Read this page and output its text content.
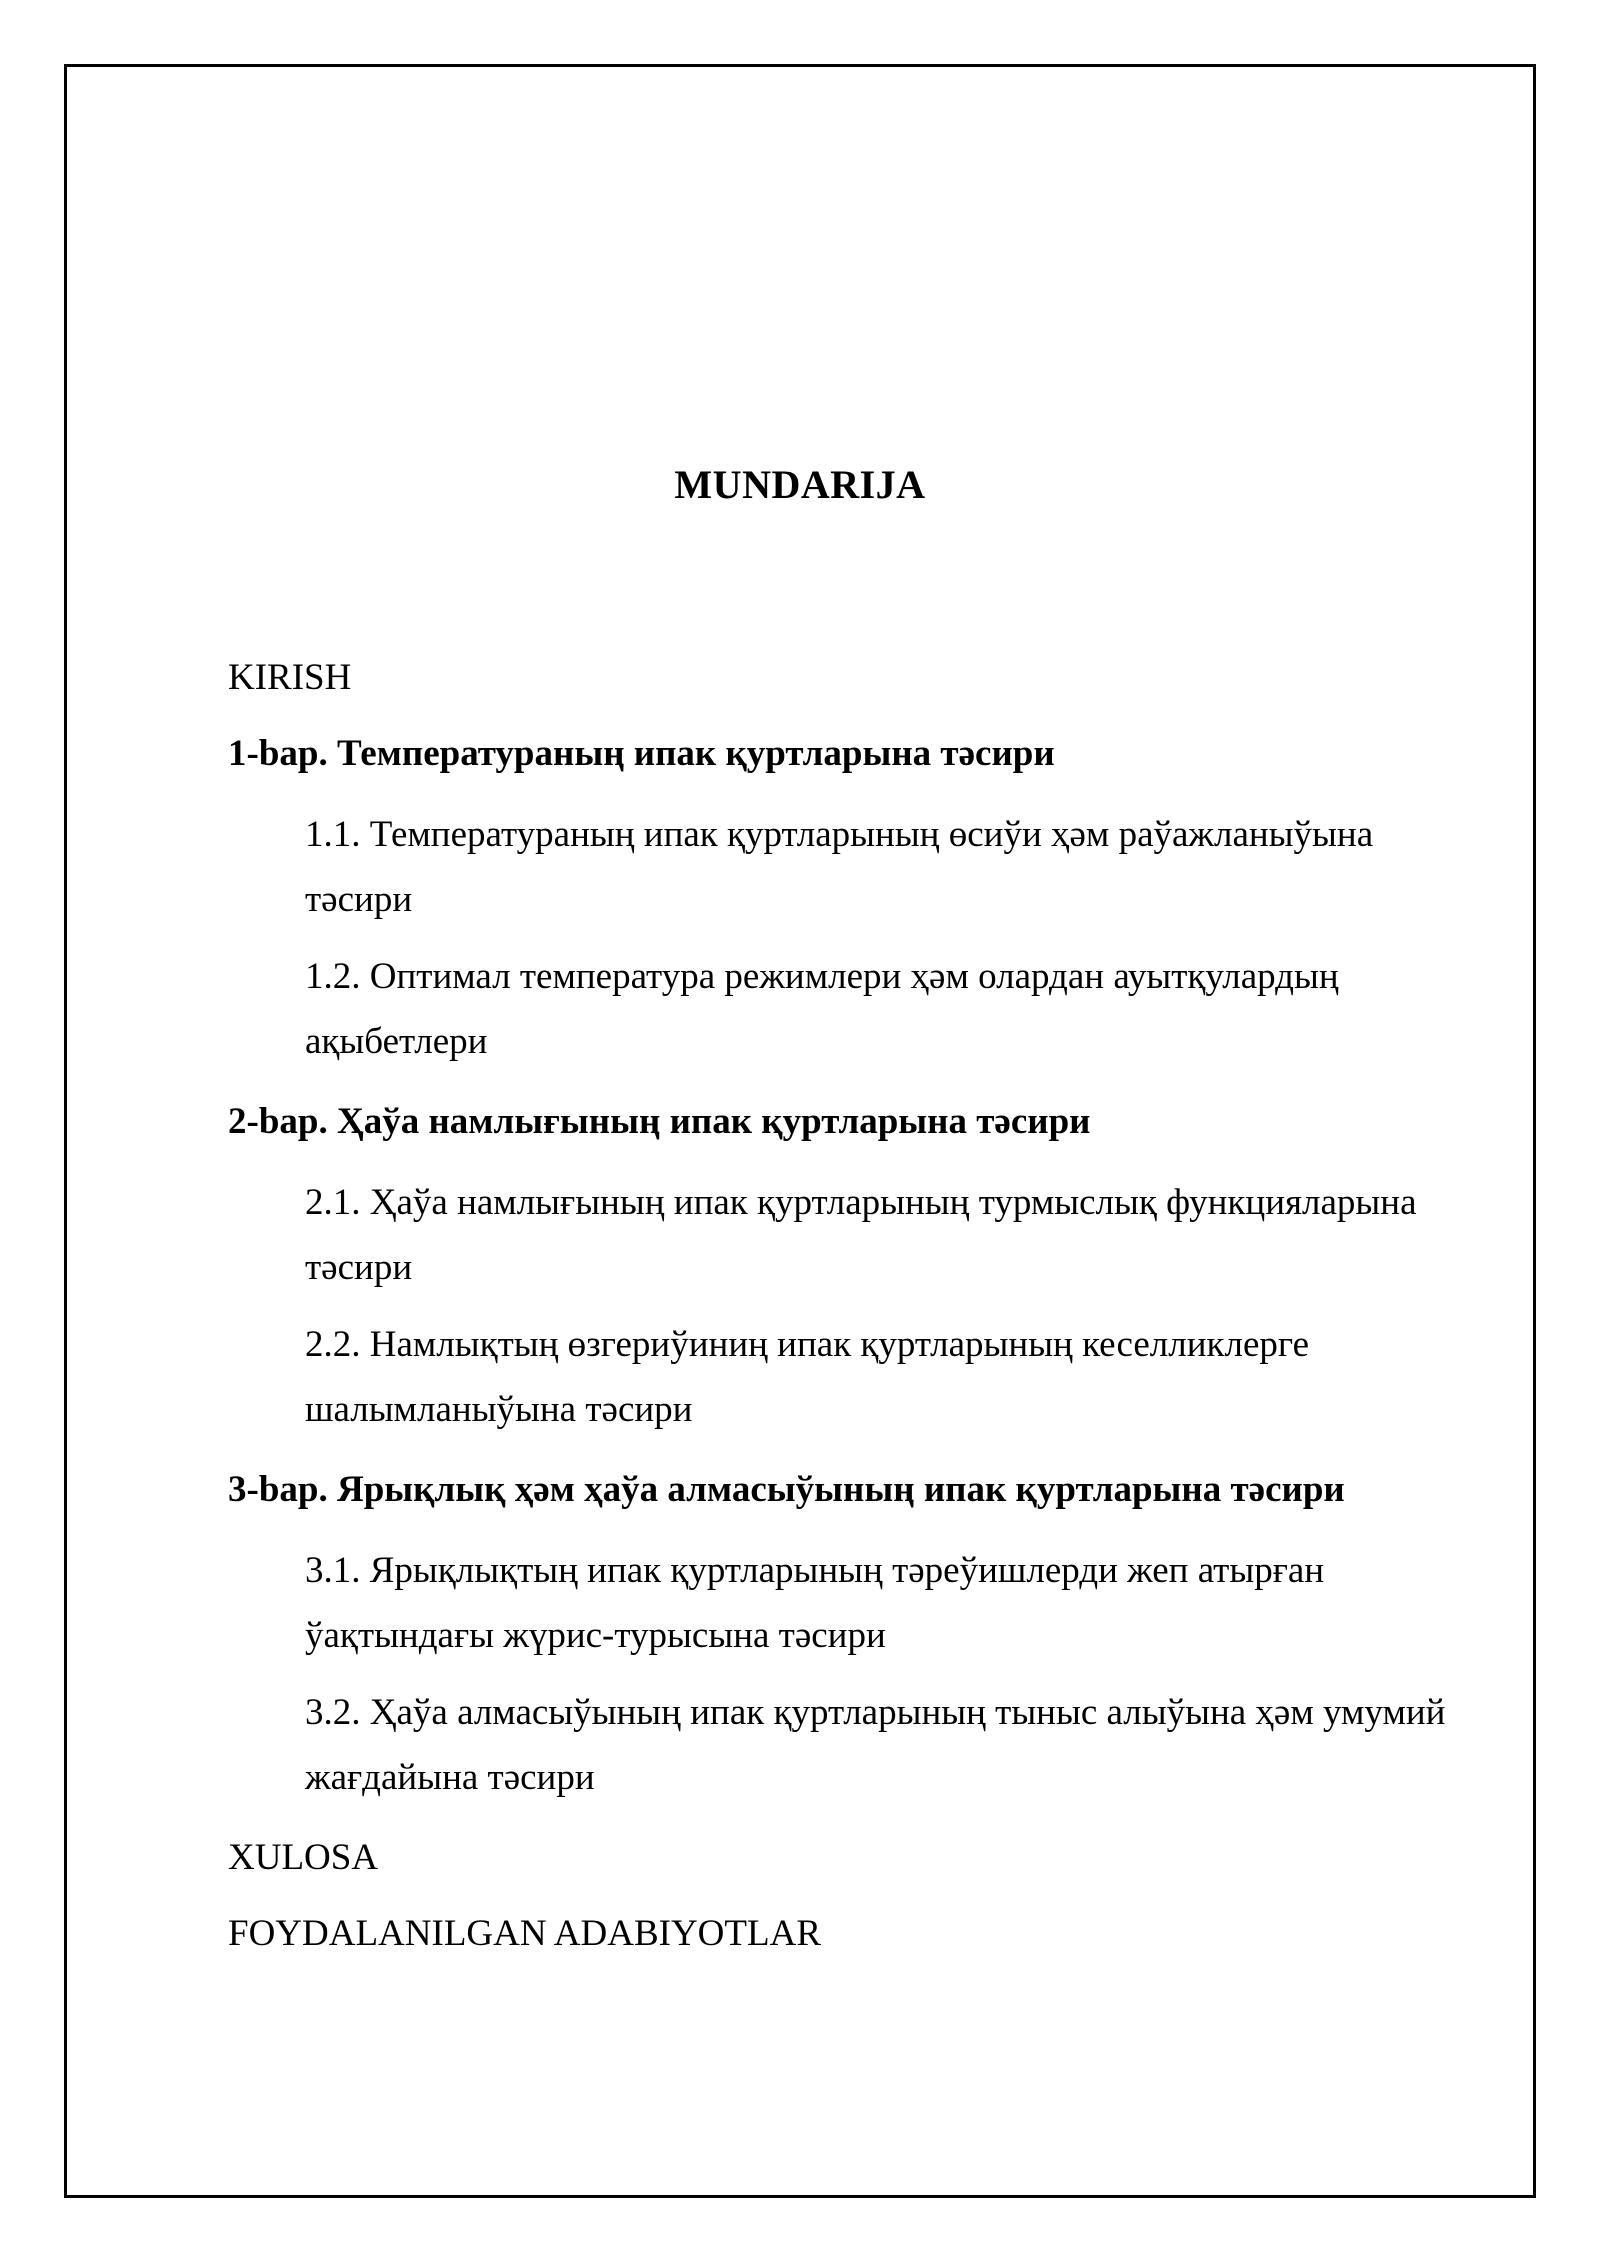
MUNDARIJA

KIRISH

1-bap. Температураның ипак қуртларына тәсири

1.1. Температураның ипак қуртларының өсиўи ҳәм раўажланыўына тәсири

1.2. Оптимал температура режимлери ҳәм олардан ауытқулардың ақыбетлери

2-bap. Ҳаўа намлығының ипак қуртларына тәсири

2.1. Ҳаўа намлығының ипак қуртларының турмыслық функцияларына тәсири

2.2. Намлықтың өзгериўиниң ипак қуртларының кеселликлерге шалымланыўына тәсири

3-bap. Ярықлық ҳәм ҳаўа алмасыўының ипак қуртларына тәсири

3.1. Ярықлықтың ипак қуртларының тәреўишлерди жеп атырған ўақтындағы жүрис-турысына тәсири

3.2. Ҳаўа алмасыўының ипак қуртларының тыныс алыўына ҳәм умумий жағдайына тәсири

XULOSA

FOYDALANILGAN ADABIYOTLAR
